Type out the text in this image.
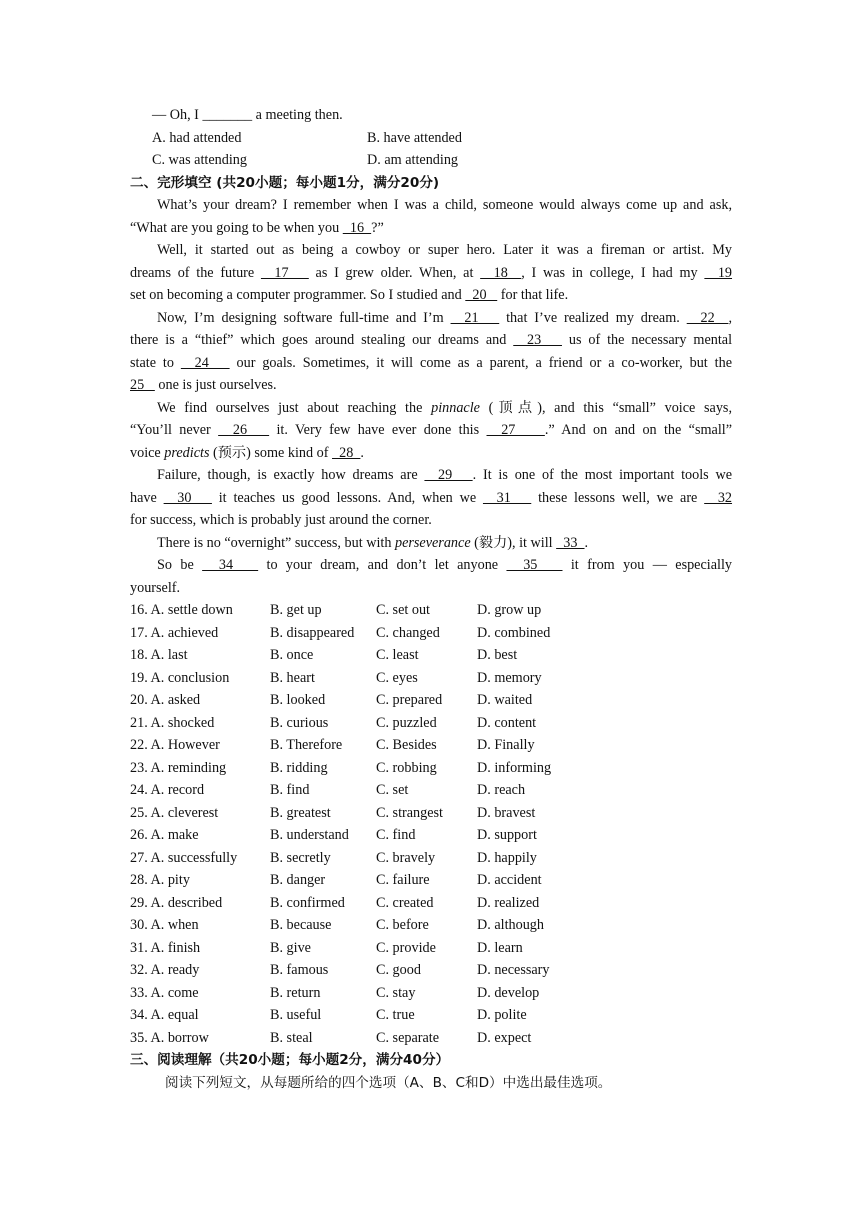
— Oh, I _______ a meeting then.
A. had attended	B. have attended
C. was attending	D. am attending
二、完形填空 (共20小题；每小题1分，满分20分)
What’s your dream? I remember when I was a child, someone would always come up and ask,
“What are you going to be when you   16  ?”
Well, it started out as being a cowboy or super hero. Later it was a fireman or artist. My
dreams of the future   17    as I grew older. When, at   18  , I was in college, I had my   19
set on becoming a computer programmer. So I studied and   20    for that life.
Now, I’m designing software full-time and I’m   21    that I’ve realized my dream.   22  ,
there is a “thief” which goes around stealing our dreams and   23    us of the necessary mental
state to   24    our goals. Sometimes, it will come as a parent, a friend or a co-worker, but the
25    one is just ourselves.
We find ourselves just about reaching the pinnacle (顶点), and this “small” voice says,
“You’ll never   26    it. Very few have ever done this   27    .” And on and on the “small”
voice predicts (预示) some kind of   28  .
Failure, though, is exactly how dreams are   29   . It is one of the most important tools we
have   30    it teaches us good lessons. And, when we   31    these lessons well, we are   32
for success, which is probably just around the corner.
There is no “overnight” success, but with perseverance (毅力), it will   33  .
So be   34    to your dream, and don’t let anyone   35    it from you — especially
yourself.
16. A. settle down	B. get up	C. set out	D. grow up
17. A. achieved	B. disappeared	C. changed	D. combined
18. A. last	B. once	C. least	D. best
19. A. conclusion	B. heart	C. eyes	D. memory
20. A. asked	B. looked	C. prepared	D. waited
21. A. shocked	B. curious	C. puzzled	D. content
22. A. However	B. Therefore	C. Besides	D. Finally
23. A. reminding	B. ridding	C. robbing	D. informing
24. A. record	B. find	C. set	D. reach
25. A. cleverest	B. greatest	C. strangest	D. bravest
26. A. make	B. understand	C. find	D. support
27. A. successfully	B. secretly	C. bravely	D. happily
28. A. pity	B. danger	C. failure	D. accident
29. A. described	B. confirmed	C. created	D. realized
30. A. when	B. because	C. before	D. although
31. A. finish	B. give	C. provide	D. learn
32. A. ready	B. famous	C. good	D. necessary
33. A. come	B. return	C. stay	D. develop
34. A. equal	B. useful	C. true	D. polite
35. A. borrow	B. steal	C. separate	D. expect
三、阅读理解（共20小题；每小题2分，满分40分）
阅读下列短文，从每题所给的四个选项（A、B、C和D）中选出最佳选项。
